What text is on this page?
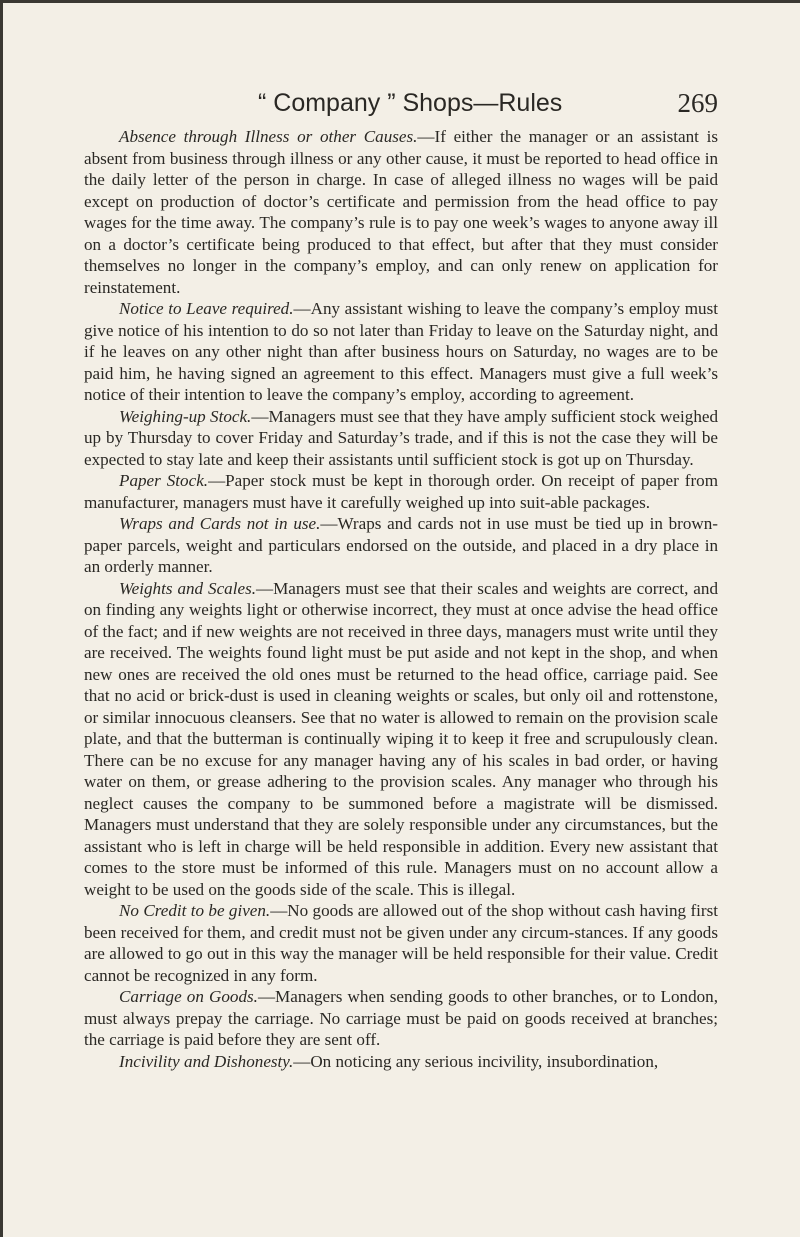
“ Company ” Shops—Rules	269

Absence through Illness or other Causes.—If either the manager or an assistant is absent from business through illness or any other cause, it must be reported to head office in the daily letter of the person in charge. In case of alleged illness no wages will be paid except on production of doctor’s certificate and permission from the head office to pay wages for the time away. The company’s rule is to pay one week’s wages to anyone away ill on a doctor’s certificate being produced to that effect, but after that they must consider themselves no longer in the company’s employ, and can only renew on application for reinstatement.

Notice to Leave required.—Any assistant wishing to leave the company’s employ must give notice of his intention to do so not later than Friday to leave on the Saturday night, and if he leaves on any other night than after business hours on Saturday, no wages are to be paid him, he having signed an agreement to this effect. Managers must give a full week’s notice of their intention to leave the company’s employ, according to agreement.

Weighing-up Stock.—Managers must see that they have amply sufficient stock weighed up by Thursday to cover Friday and Saturday’s trade, and if this is not the case they will be expected to stay late and keep their assistants until sufficient stock is got up on Thursday.

Paper Stock.—Paper stock must be kept in thorough order. On receipt of paper from manufacturer, managers must have it carefully weighed up into suit-able packages.

Wraps and Cards not in use.—Wraps and cards not in use must be tied up in brown-paper parcels, weight and particulars endorsed on the outside, and placed in a dry place in an orderly manner.

Weights and Scales.—Managers must see that their scales and weights are correct, and on finding any weights light or otherwise incorrect, they must at once advise the head office of the fact; and if new weights are not received in three days, managers must write until they are received. The weights found light must be put aside and not kept in the shop, and when new ones are received the old ones must be returned to the head office, carriage paid. See that no acid or brick-dust is used in cleaning weights or scales, but only oil and rottenstone, or similar innocuous cleansers. See that no water is allowed to remain on the provision scale plate, and that the butterman is continually wiping it to keep it free and scrupulously clean. There can be no excuse for any manager having any of his scales in bad order, or having water on them, or grease adhering to the provision scales. Any manager who through his neglect causes the company to be summoned before a magistrate will be dismissed. Managers must understand that they are solely responsible under any circumstances, but the assistant who is left in charge will be held responsible in addition. Every new assistant that comes to the store must be informed of this rule. Managers must on no account allow a weight to be used on the goods side of the scale. This is illegal.

No Credit to be given.—No goods are allowed out of the shop without cash having first been received for them, and credit must not be given under any circum-stances. If any goods are allowed to go out in this way the manager will be held responsible for their value. Credit cannot be recognized in any form.

Carriage on Goods.—Managers when sending goods to other branches, or to London, must always prepay the carriage. No carriage must be paid on goods received at branches; the carriage is paid before they are sent off.

Incivility and Dishonesty.—On noticing any serious incivility, insubordination,
